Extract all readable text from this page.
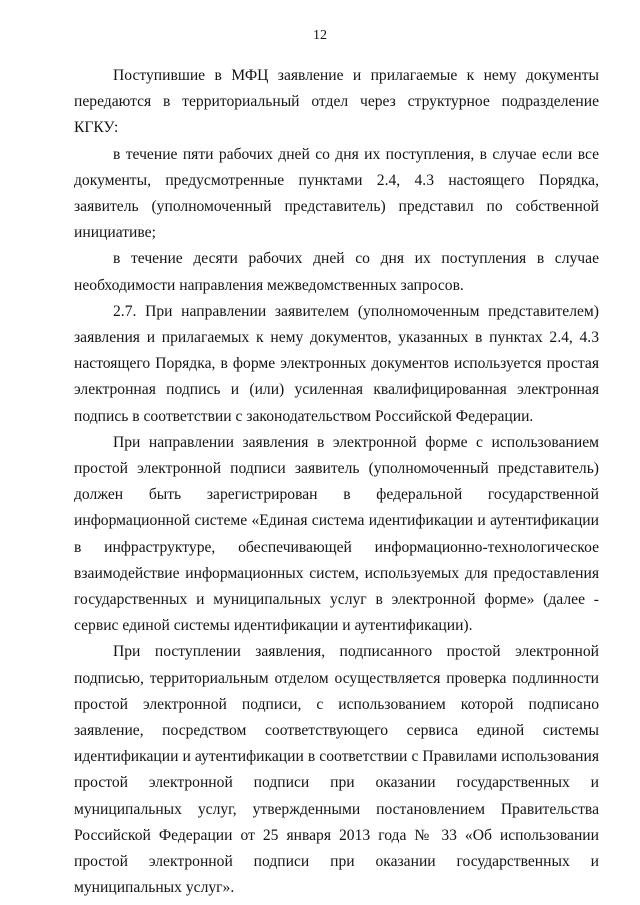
12

Поступившие в МФЦ заявление и прилагаемые к нему документы передаются в территориальный отдел через структурное подразделение КГКУ:

в течение пяти рабочих дней со дня их поступления, в случае если все документы, предусмотренные пунктами 2.4, 4.3 настоящего Порядка, заявитель (уполномоченный представитель) представил по собственной инициативе;

в течение десяти рабочих дней со дня их поступления в случае необходимости направления межведомственных запросов.

2.7. При направлении заявителем (уполномоченным представителем) заявления и прилагаемых к нему документов, указанных в пунктах 2.4, 4.3 настоящего Порядка, в форме электронных документов используется простая электронная подпись и (или) усиленная квалифицированная электронная подпись в соответствии с законодательством Российской Федерации.

При направлении заявления в электронной форме с использованием простой электронной подписи заявитель (уполномоченный представитель) должен быть зарегистрирован в федеральной государственной информационной системе «Единая система идентификации и аутентификации в инфраструктуре, обеспечивающей информационно-технологическое взаимодействие информационных систем, используемых для предоставления государственных и муниципальных услуг в электронной форме» (далее - сервис единой системы идентификации и аутентификации).

При поступлении заявления, подписанного простой электронной подписью, территориальным отделом осуществляется проверка подлинности простой электронной подписи, с использованием которой подписано заявление, посредством соответствующего сервиса единой системы идентификации и аутентификации в соответствии с Правилами использования простой электронной подписи при оказании государственных и муниципальных услуг, утвержденными постановлением Правительства Российской Федерации от 25 января 2013 года № 33 «Об использовании простой электронной подписи при оказании государственных и муниципальных услуг».
